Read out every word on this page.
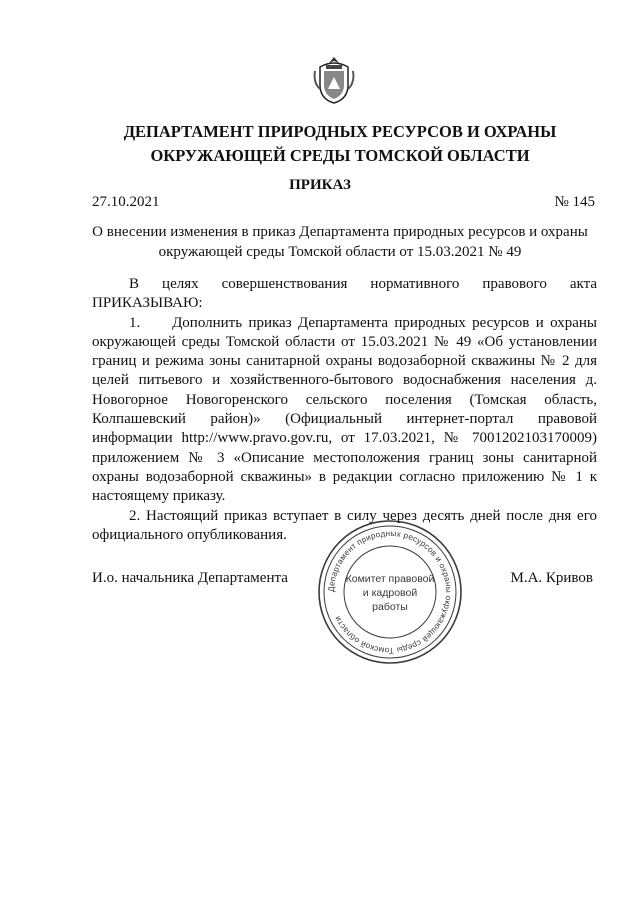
ДЕПАРТАМЕНТ ПРИРОДНЫХ РЕСУРСОВ И ОХРАНЫ
ОКРУЖАЮЩЕЙ СРЕДЫ ТОМСКОЙ ОБЛАСТИ
ПРИКАЗ
27.10.2021	№ 145
О внесении изменения в приказ Департамента природных ресурсов и охраны
окружающей среды Томской области от 15.03.2021 № 49

В целях совершенствования нормативного правового акта

ПРИКАЗЫВАЮ:

1. Дополнить приказ Департамента природных ресурсов и охраны окружающей среды Томской области от 15.03.2021 № 49 «Об установлении границ и режима зоны санитарной охраны водозаборной скважины № 2 для целей питьевого и хозяйственного-бытового водоснабжения населения д. Новогорное Новогоренского сельского поселения (Томская область, Колпашевский район)» (Официальный интернет-портал правовой информации http://www.pravo.gov.ru, от 17.03.2021, № 7001202103170009) приложением № 3 «Описание местоположения границ зоны санитарной охраны водозаборной скважины» в редакции согласно приложению № 1 к настоящему приказу.

2. Настоящий приказ вступает в силу через десять дней после дня его официального опубликования.

И.о. начальника Департамента	М.А. Кривов
Департамент природных ресурсов и охраны окружающей среды Томской области
Комитет правовой
и кадровой
работы
